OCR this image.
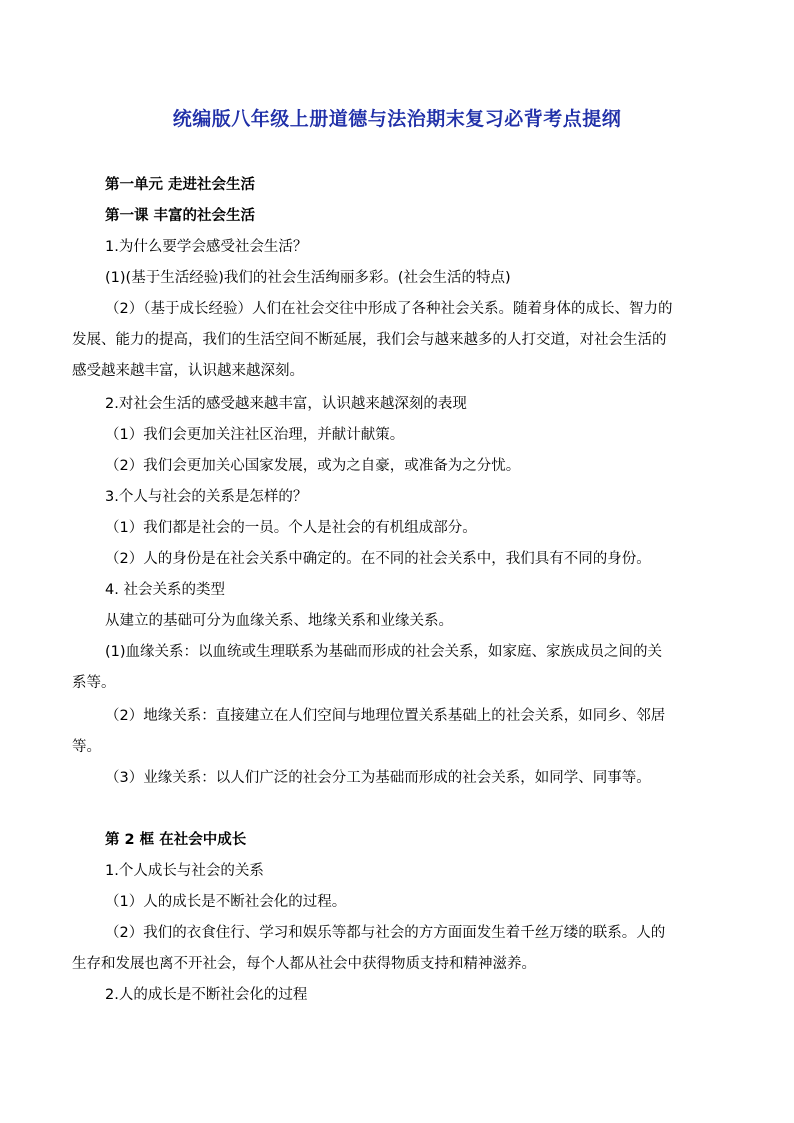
统编版八年级上册道德与法治期末复习必背考点提纲
第一单元 走进社会生活
第一课 丰富的社会生活
1.为什么要学会感受社会生活？
(1)(基于生活经验)我们的社会生活绚丽多彩。(社会生活的特点)
（2）（基于成长经验）人们在社会交往中形成了各种社会关系。随着身体的成长、智力的
发展、能力的提高，我们的生活空间不断延展，我们会与越来越多的人打交道，对社会生活的
感受越来越丰富，认识越来越深刻。
2.对社会生活的感受越来越丰富，认识越来越深刻的表现
（1）我们会更加关注社区治理，并献计献策。
（2）我们会更加关心国家发展，或为之自豪，或准备为之分忧。
3.个人与社会的关系是怎样的？
（1）我们都是社会的一员。个人是社会的有机组成部分。
（2）人的身份是在社会关系中确定的。在不同的社会关系中，我们具有不同的身份。
4. 社会关系的类型
从建立的基础可分为血缘关系、地缘关系和业缘关系。
(1)血缘关系：以血统或生理联系为基础而形成的社会关系，如家庭、家族成员之间的关
系等。
（2）地缘关系：直接建立在人们空间与地理位置关系基础上的社会关系，如同乡、邻居
等。
（3）业缘关系：以人们广泛的社会分工为基础而形成的社会关系，如同学、同事等。
第 2 框 在社会中成长
1.个人成长与社会的关系
（1）人的成长是不断社会化的过程。
（2）我们的衣食住行、学习和娱乐等都与社会的方方面面发生着千丝万缕的联系。人的
生存和发展也离不开社会，每个人都从社会中获得物质支持和精神滋养。
2.人的成长是不断社会化的过程
